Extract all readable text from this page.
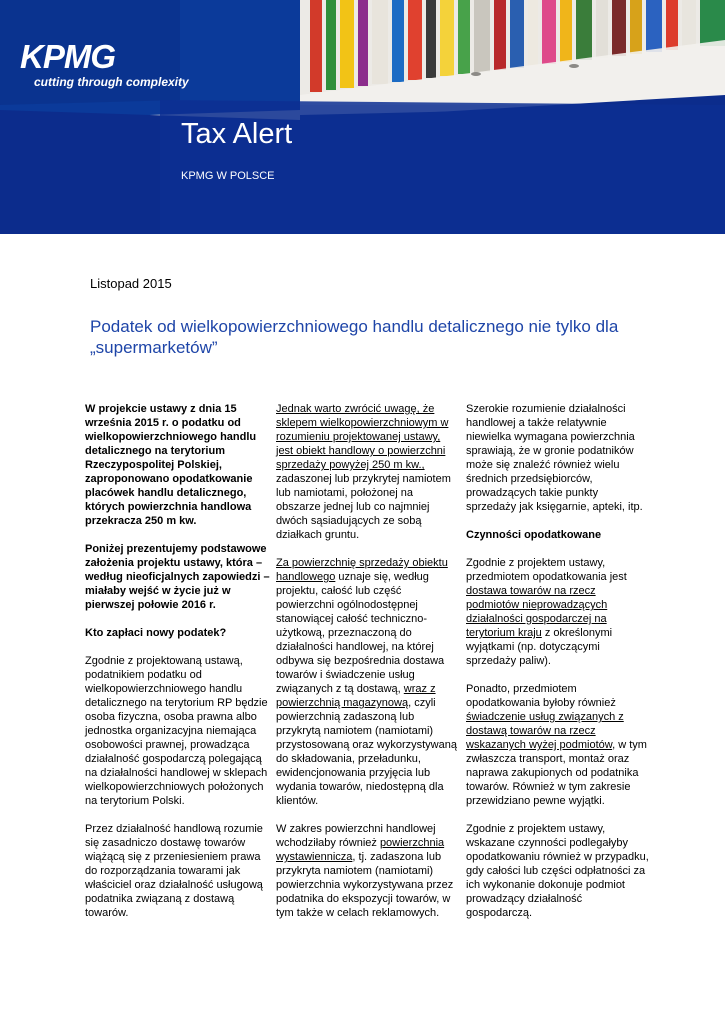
KPMG
cutting through complexity
Tax Alert
KPMG W POLSCE
Listopad 2015
Podatek od wielkopowierzchniowego handlu detalicznego nie tylko dla „supermarketów”

W projekcie ustawy z dnia 15 września 2015 r. o podatku od wielkopowierzchniowego handlu detalicznego na terytorium Rzeczypospolitej Polskiej, zaproponowano opodatkowanie placówek handlu detalicznego, których powierzchnia handlowa przekracza 250 m kw.

Poniżej prezentujemy podstawowe założenia projektu ustawy, która – według nieoficjalnych zapowiedzi – miałaby wejść w życie już w pierwszej połowie 2016 r.

Kto zapłaci nowy podatek?

Zgodnie z projektowaną ustawą, podatnikiem podatku od wielkopowierzchniowego handlu detalicznego na terytorium RP będzie osoba fizyczna, osoba prawna albo jednostka organizacyjna niemająca osobowości prawnej, prowadząca działalność gospodarczą polegającą na działalności handlowej w sklepach wielkopowierzchniowych położonych na terytorium Polski.

Przez działalność handlową rozumie się zasadniczo dostawę towarów wiążącą się z przeniesieniem prawa do rozporządzania towarami jak właściciel oraz działalność usługową podatnika związaną z dostawą towarów.

Jednak warto zwrócić uwagę, że sklepem wielkopowierzchniowym w rozumieniu projektowanej ustawy, jest obiekt handlowy o powierzchni sprzedaży powyżej 250 m kw., zadaszonej lub przykrytej namiotem lub namiotami, położonej na obszarze jednej lub co najmniej dwóch sąsiadujących ze sobą działkach gruntu.

Za powierzchnię sprzedaży obiektu handlowego uznaje się, według projektu, całość lub część powierzchni ogólnodostępnej stanowiącej całość techniczno-użytkową, przeznaczoną do działalności handlowej, na której odbywa się bezpośrednia dostawa towarów i świadczenie usług związanych z tą dostawą, wraz z powierzchnią magazynową, czyli powierzchnią zadaszoną lub przykrytą namiotem (namiotami) przystosowaną oraz wykorzystywaną do składowania, przeładunku, ewidencjonowania przyjęcia lub wydania towarów, niedostępną dla klientów.

W zakres powierzchni handlowej wchodziłaby również powierzchnia wystawiennicza, tj. zadaszona lub przykryta namiotem (namiotami) powierzchnia wykorzystywana przez podatnika do ekspozycji towarów, w tym także w celach reklamowych.

Szerokie rozumienie działalności handlowej a także relatywnie niewielka wymagana powierzchnia sprawiają, że w gronie podatników może się znaleźć również wielu średnich przedsiębiorców, prowadzących takie punkty sprzedaży jak księgarnie, apteki, itp.

Czynności opodatkowane

Zgodnie z projektem ustawy, przedmiotem opodatkowania jest dostawa towarów na rzecz podmiotów nieprowadzących działalności gospodarczej na terytorium kraju z określonymi wyjątkami (np. dotyczącymi sprzedaży paliw).

Ponadto, przedmiotem opodatkowania byłoby również świadczenie usług związanych z dostawą towarów na rzecz wskazanych wyżej podmiotów, w tym zwłaszcza transport, montaż oraz naprawa zakupionych od podatnika towarów. Również w tym zakresie przewidziano pewne wyjątki.

Zgodnie z projektem ustawy, wskazane czynności podlegałyby opodatkowaniu również w przypadku, gdy całości lub części odpłatności za ich wykonanie dokonuje podmiot prowadzący działalność gospodarczą.
